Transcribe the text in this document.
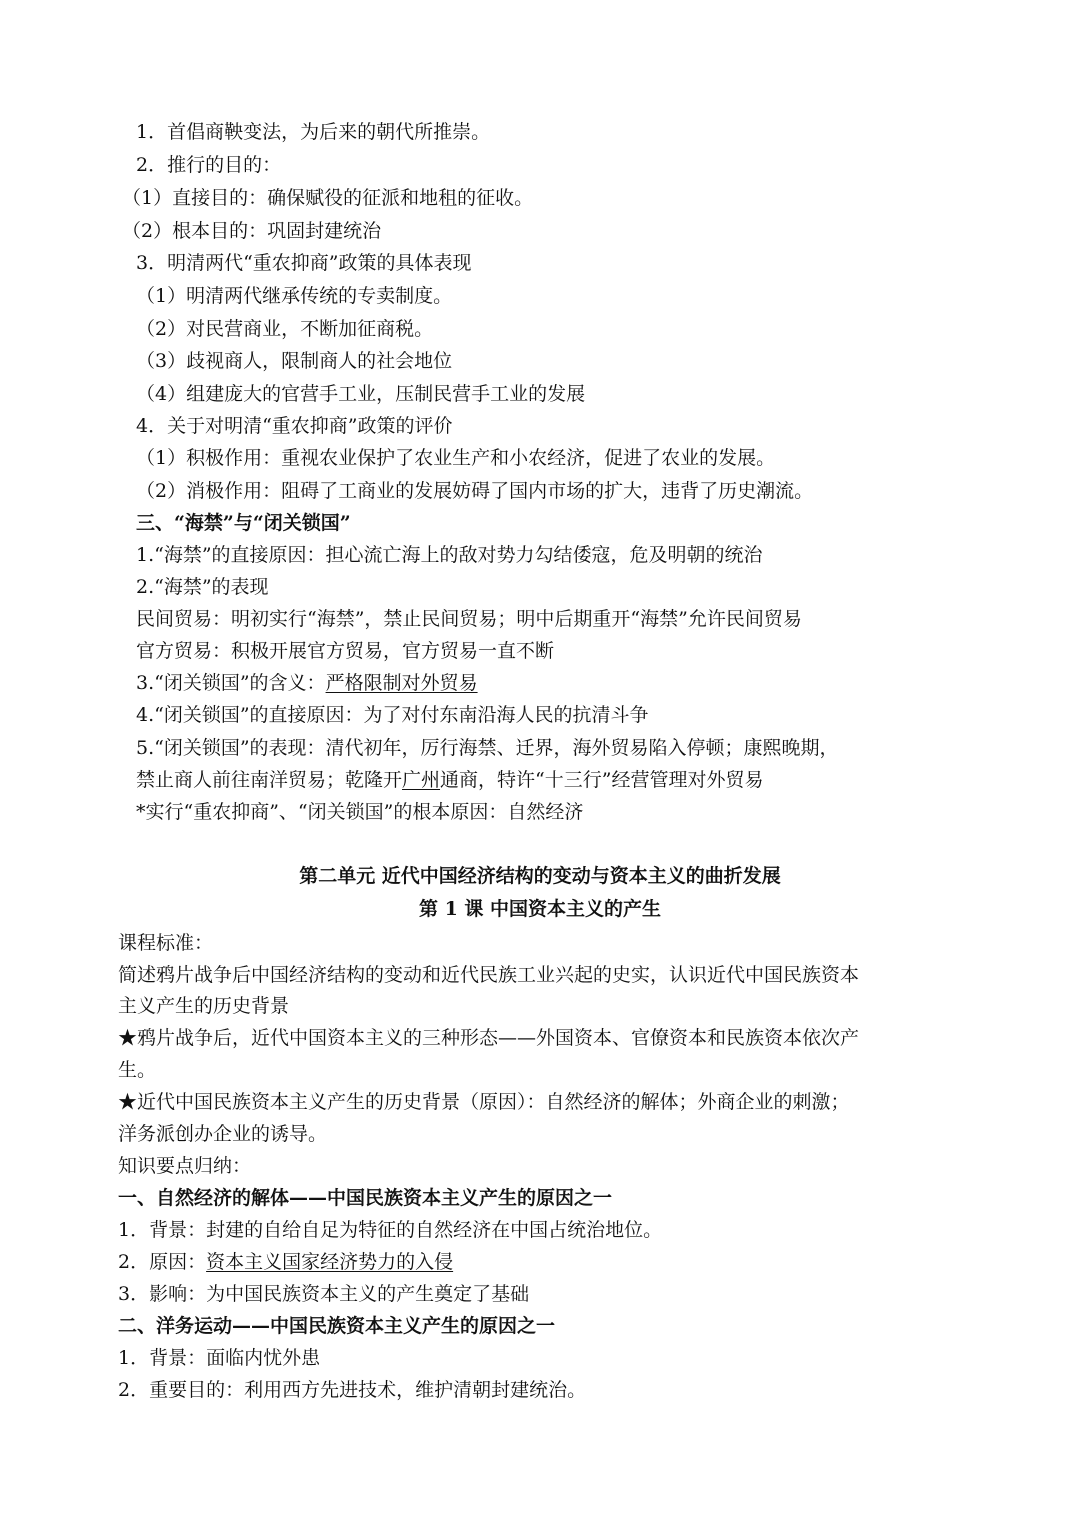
1．首倡商鞅变法，为后来的朝代所推崇。
2．推行的目的：
（1）直接目的：确保赋役的征派和地租的征收。
（2）根本目的：巩固封建统治
3．明清两代“重农抑商”政策的具体表现
（1）明清两代继承传统的专卖制度。
（2）对民营商业，不断加征商税。
（3）歧视商人，限制商人的社会地位
（4）组建庞大的官营手工业，压制民营手工业的发展
4．关于对明清“重农抑商”政策的评价
（1）积极作用：重视农业保护了农业生产和小农经济，促进了农业的发展。
（2）消极作用：阻碍了工商业的发展妨碍了国内市场的扩大，违背了历史潮流。
三、“海禁”与“闭关锁国”
1.“海禁”的直接原因：担心流亡海上的敌对势力勾结倭寇，危及明朝的统治
2.“海禁”的表现
民间贸易：明初实行“海禁”，禁止民间贸易；明中后期重开“海禁”允许民间贸易
官方贸易：积极开展官方贸易，官方贸易一直不断
3.“闭关锁国”的含义：严格限制对外贸易
4.“闭关锁国”的直接原因：为了对付东南沿海人民的抗清斗争
5.“闭关锁国”的表现：清代初年，厉行海禁、迁界，海外贸易陷入停顿；康熙晚期，
禁止商人前往南洋贸易；乾隆开广州通商，特许“十三行”经营管理对外贸易
*实行“重农抑商”、“闭关锁国”的根本原因：自然经济
第二单元 近代中国经济结构的变动与资本主义的曲折发展
第 1 课 中国资本主义的产生
课程标准：
简述鸦片战争后中国经济结构的变动和近代民族工业兴起的史实，认识近代中国民族资本
主义产生的历史背景
★鸦片战争后，近代中国资本主义的三种形态——外国资本、官僚资本和民族资本依次产
生。
★近代中国民族资本主义产生的历史背景（原因）：自然经济的解体；外商企业的刺激；
洋务派创办企业的诱导。
知识要点归纳：
一、自然经济的解体——中国民族资本主义产生的原因之一
1．背景：封建的自给自足为特征的自然经济在中国占统治地位。
2．原因：资本主义国家经济势力的入侵
3．影响：为中国民族资本主义的产生奠定了基础
二、洋务运动——中国民族资本主义产生的原因之一
1．背景：面临内忧外患
2．重要目的：利用西方先进技术，维护清朝封建统治。
